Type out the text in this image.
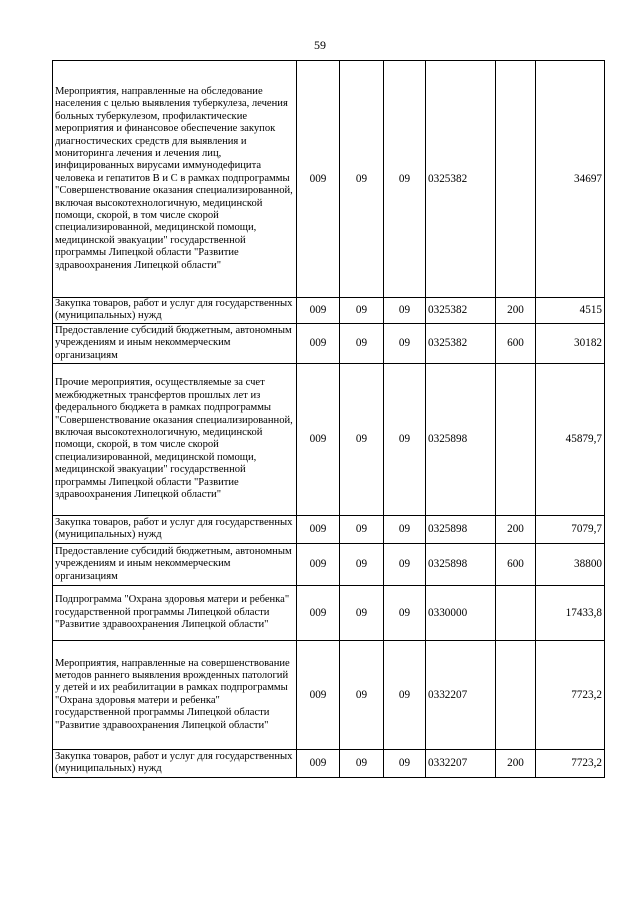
59
Мероприятия, направленные на обследование населения с целью выявления туберкулеза, лечения больных туберкулезом, профилактические мероприятия и финансовое обеспечение закупок диагностических средств для выявления и мониторинга лечения и лечения лиц, инфицированных вирусами иммунодефицита человека и гепатитов В и С в рамках подпрограммы "Совершенствование оказания специализированной, включая высокотехнологичную, медицинской помощи, скорой, в том числе скорой специализированной, медицинской помощи, медицинской эвакуации" государственной программы Липецкой области "Развитие здравоохранения Липецкой области"	009	09	09	0325382		34697
Закупка товаров, работ и услуг для государственных (муниципальных) нужд	009	09	09	0325382	200	4515
Предоставление субсидий бюджетным, автономным учреждениям и иным некоммерческим организациям	009	09	09	0325382	600	30182
Прочие мероприятия, осуществляемые за счет межбюджетных трансфертов прошлых лет из федерального бюджета в рамках подпрограммы "Совершенствование оказания специализированной, включая высокотехнологичную, медицинской помощи, скорой, в том числе скорой специализированной, медицинской помощи, медицинской эвакуации" государственной программы Липецкой области "Развитие здравоохранения Липецкой области"	009	09	09	0325898		45879,7
Закупка товаров, работ и услуг для государственных (муниципальных) нужд	009	09	09	0325898	200	7079,7
Предоставление субсидий бюджетным, автономным учреждениям и иным некоммерческим организациям	009	09	09	0325898	600	38800
Подпрограмма "Охрана здоровья матери и ребенка" государственной программы Липецкой области "Развитие здравоохранения Липецкой области"	009	09	09	0330000		17433,8
Мероприятия, направленные на совершенствование методов раннего выявления врожденных патологий у детей и их реабилитации в рамках подпрограммы "Охрана здоровья матери и ребенка" государственной программы Липецкой области "Развитие здравоохранения Липецкой области"	009	09	09	0332207		7723,2
Закупка товаров, работ и услуг для государственных (муниципальных) нужд	009	09	09	0332207	200	7723,2
